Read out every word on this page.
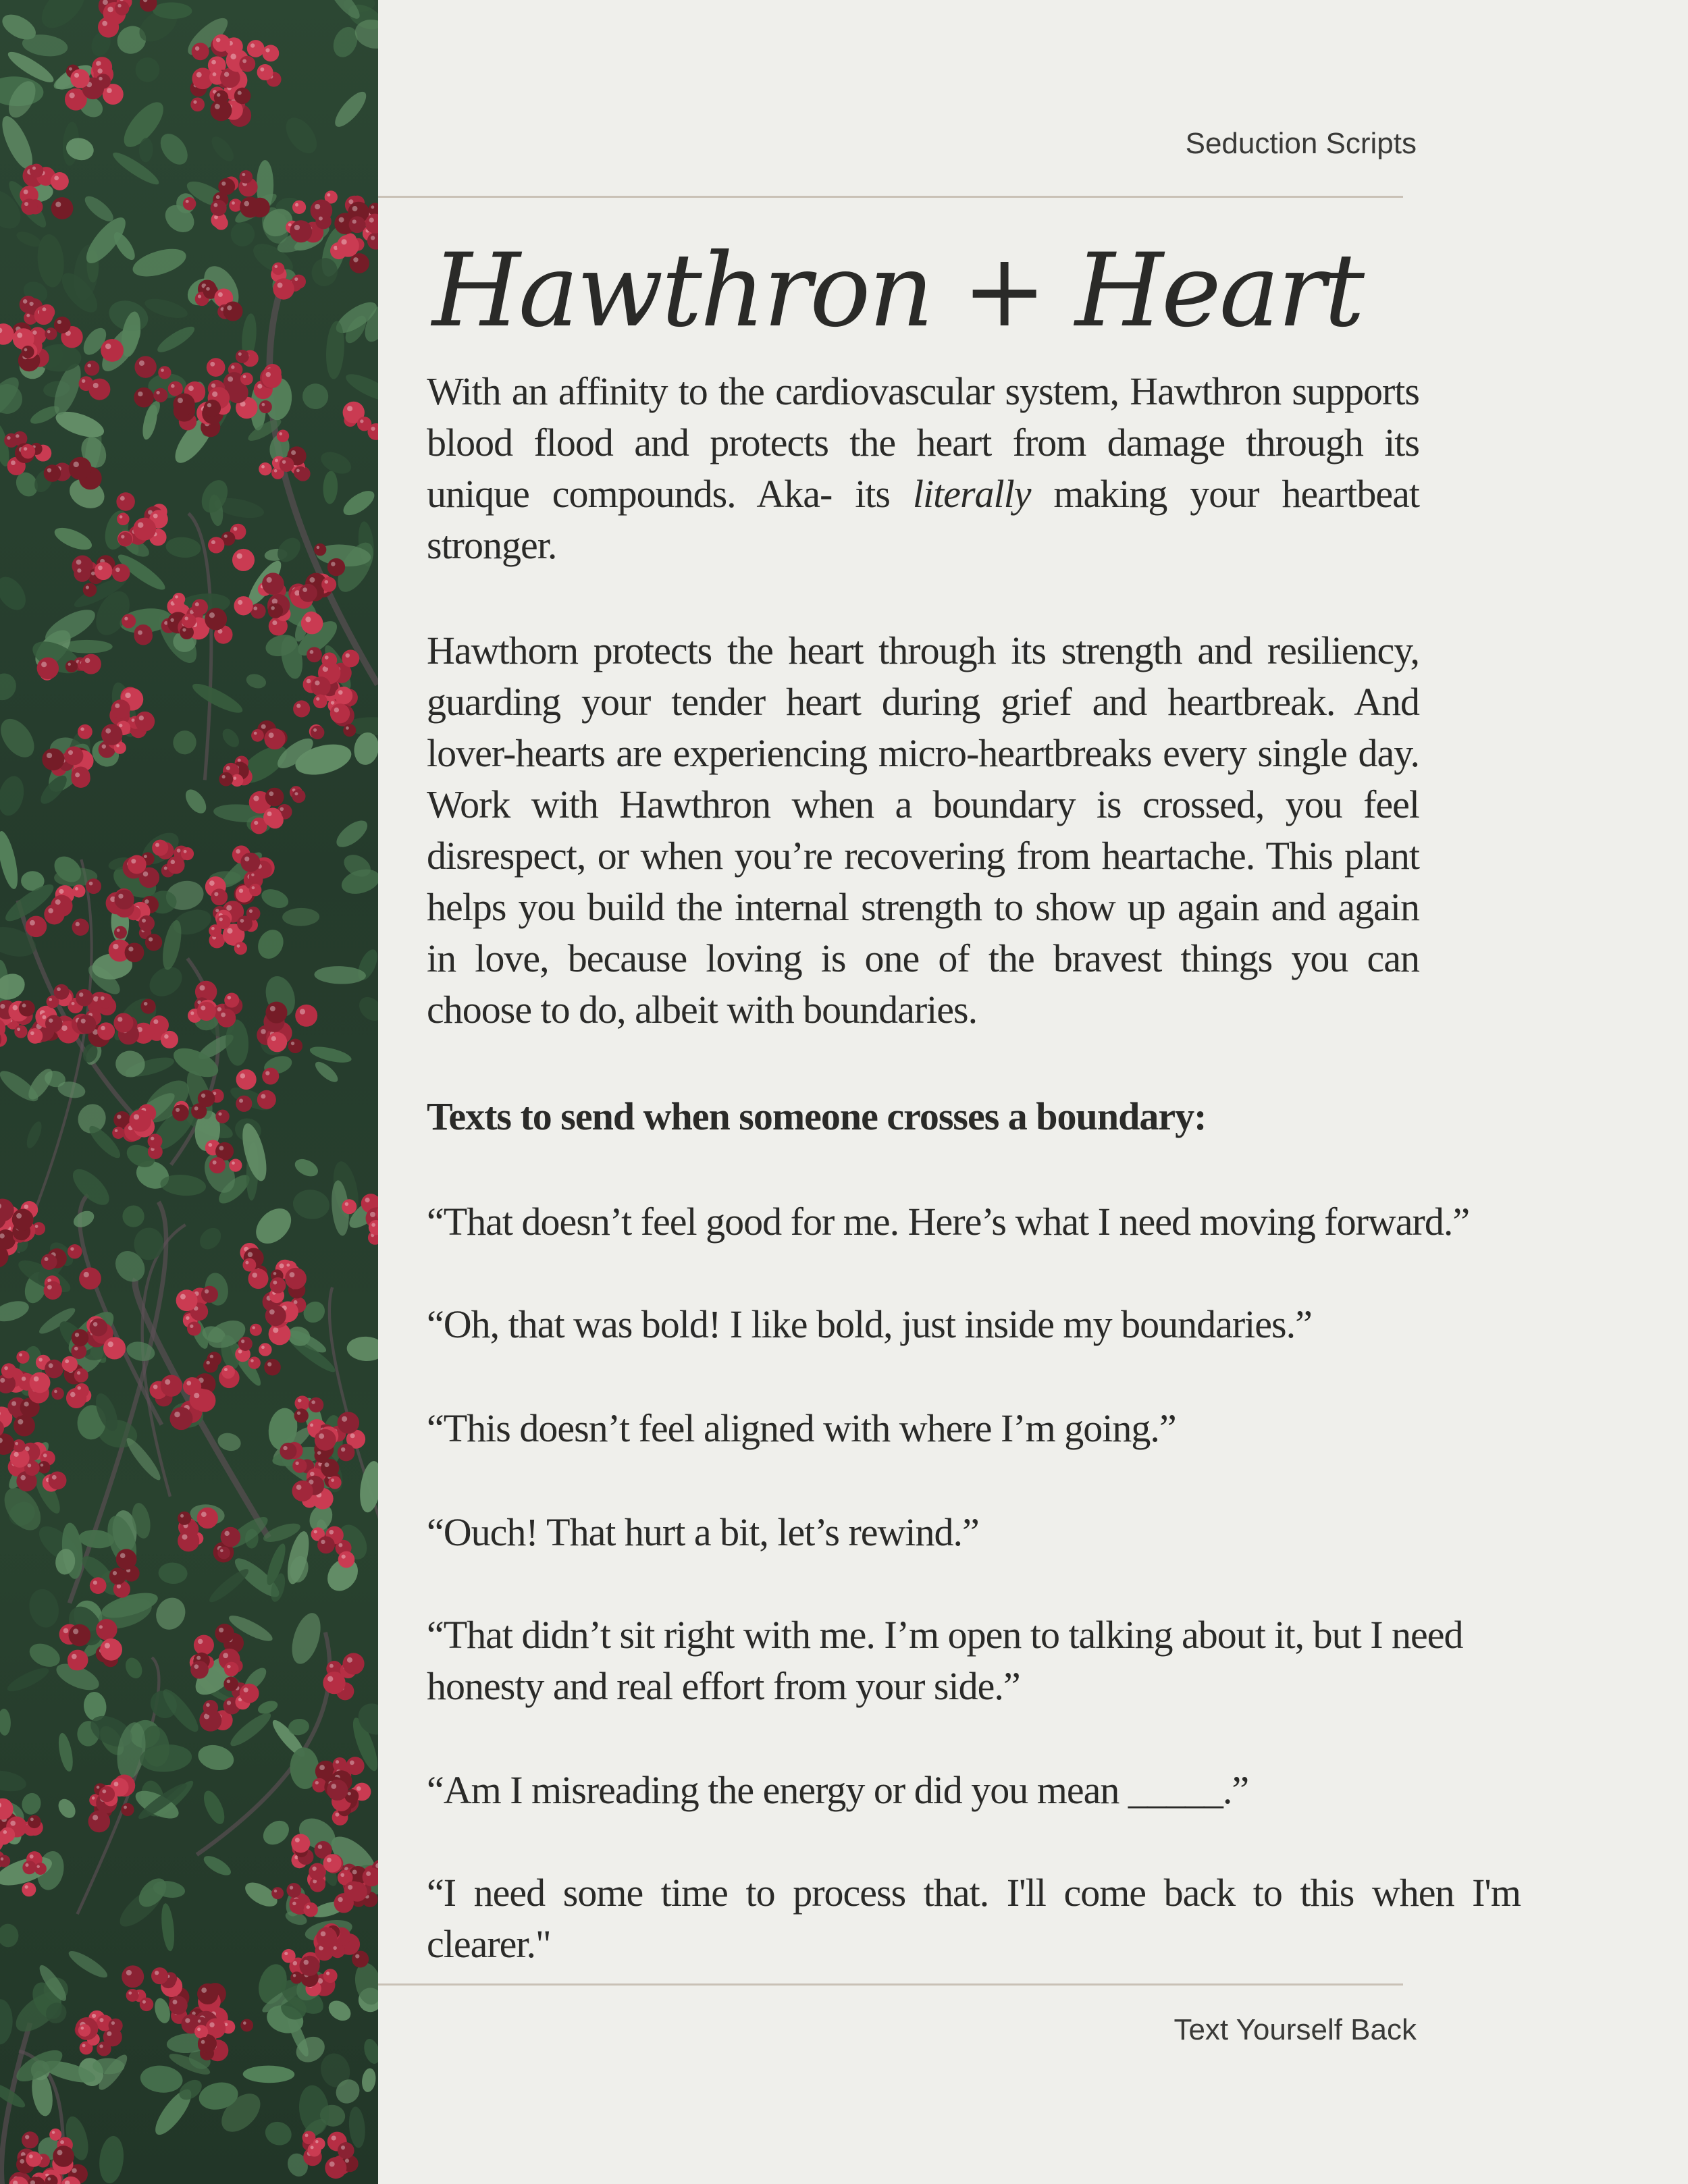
Seduction Scripts
Hawthron + Heart

With an affinity to the cardiovascular system, Hawthron supports blood flood and protects the heart from damage through its unique compounds. Aka- its literally making your heartbeat stronger.

Hawthorn protects the heart through its strength and resiliency, guarding your tender heart during grief and heartbreak. And lover-hearts are experiencing micro-heartbreaks every single day. Work with Hawthron when a boundary is crossed, you feel disrespect, or when you’re recovering from heartache. This plant helps you build the internal strength to show up again and again in love, because loving is one of the bravest things you can choose to do, albeit with boundaries.

Texts to send when someone crosses a boundary:

“That doesn’t feel good for me. Here’s what I need moving forward.”

“Oh, that was bold! I like bold, just inside my boundaries.”

“This doesn’t feel aligned with where I’m going.”

“Ouch! That hurt a bit, let’s rewind.”

“That didn’t sit right with me. I’m open to talking about it, but I need honesty and real effort from your side.”

“Am I misreading the energy or did you mean _____.”

“I need some time to process that. I'll come back to this when I'm clearer."

Text Yourself Back
